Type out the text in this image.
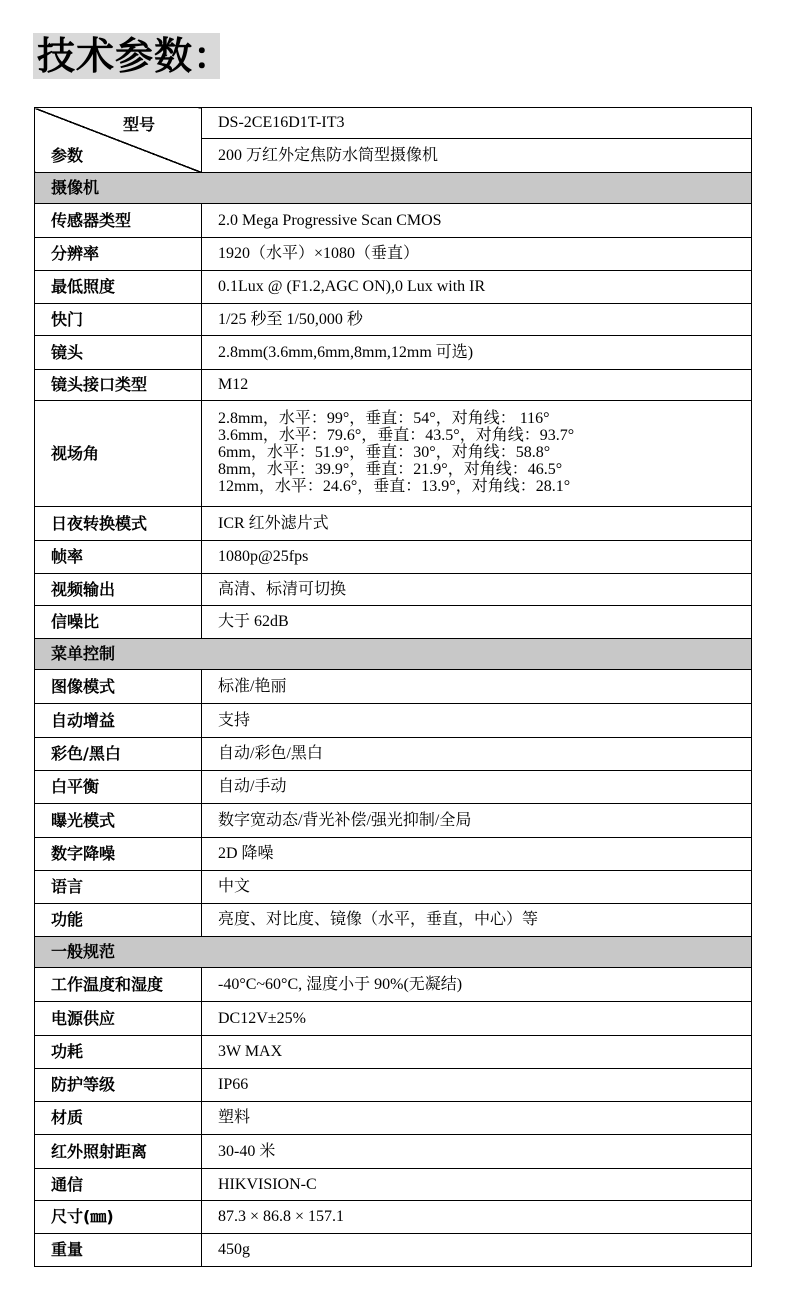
技术参数：
型号
参数	DS-2CE16D1T-IT3
	200 万红外定焦防水筒型摄像机
摄像机	
传感器类型	2.0 Mega Progressive Scan CMOS
分辨率	1920（水平）×1080（垂直）
最低照度	0.1Lux @ (F1.2,AGC ON),0 Lux with IR
快门	1/25 秒至 1/50,000 秒
镜头	2.8mm(3.6mm,6mm,8mm,12mm 可选)
镜头接口类型	M12
视场角	2.8mm，水平：99°，垂直：54°，对角线： 116°
3.6mm，水平：79.6°，垂直：43.5°，对角线：93.7°
6mm，水平：51.9°，垂直：30°，对角线：58.8°
8mm，水平：39.9°，垂直：21.9°，对角线：46.5°
12mm，水平：24.6°，垂直：13.9°，对角线：28.1°

日夜转换模式	ICR 红外滤片式
帧率	1080p@25fps
视频输出	高清、标清可切换
信噪比	大于 62dB
菜单控制	
图像模式	标准/艳丽
自动增益	支持
彩色/黑白	自动/彩色/黑白
白平衡	自动/手动
曝光模式	数字宽动态/背光补偿/强光抑制/全局
数字降噪	2D 降噪
语言	中文
功能	亮度、对比度、镜像（水平，垂直，中心）等
一般规范	
工作温度和湿度	-40°C~60°C, 湿度小于 90%(无凝结)
电源供应	DC12V±25%
功耗	3W MAX
防护等级	IP66
材质	塑料
红外照射距离	30-40 米
通信	HIKVISION-C
尺寸(㎜)	87.3 × 86.8 × 157.1
重量	450g
